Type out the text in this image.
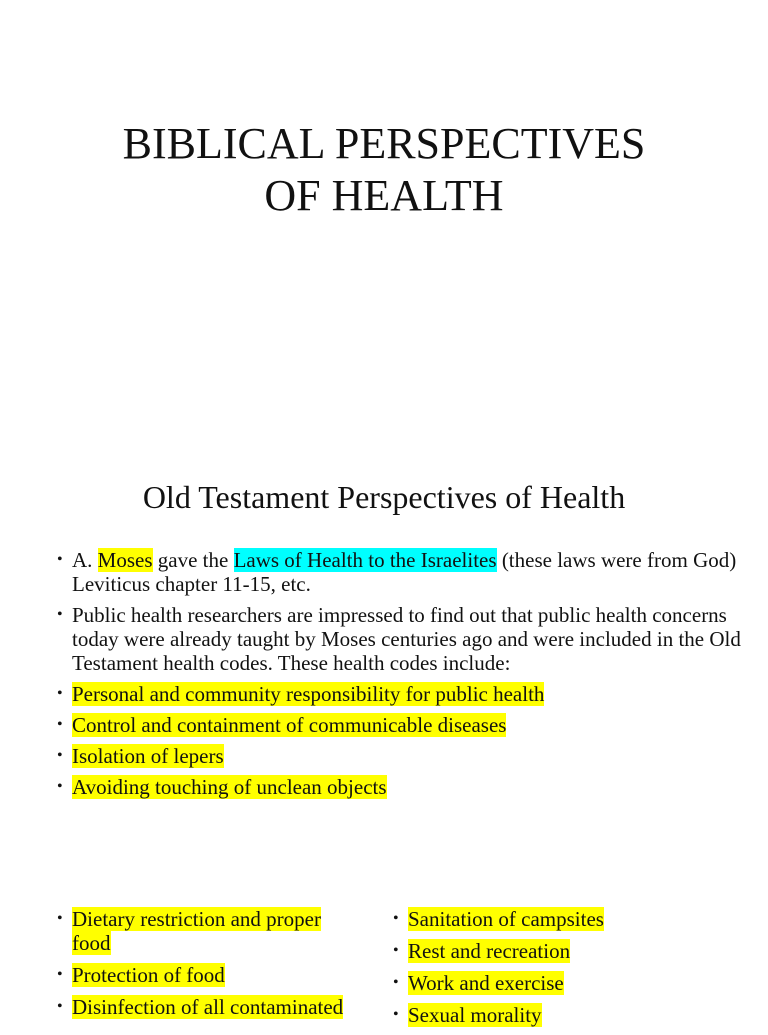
BIBLICAL PERSPECTIVES
OF HEALTH
Old Testament Perspectives of Health
• A. Moses gave the Laws of Health to the Israelites (these laws were from God) Leviticus chapter 11-15, etc.
• Public health researchers are impressed to find out that public health concerns today were already taught by Moses centuries ago and were included in the Old Testament health codes. These health codes include:
• Personal and community responsibility for public health
• Control and containment of communicable diseases
• Isolation of lepers
• Avoiding touching of unclean objects
• Dietary restriction and proper food
• Protection of food
• Disinfection of all contaminated
• Sanitation of campsites
• Rest and recreation
• Work and exercise
• Sexual morality
